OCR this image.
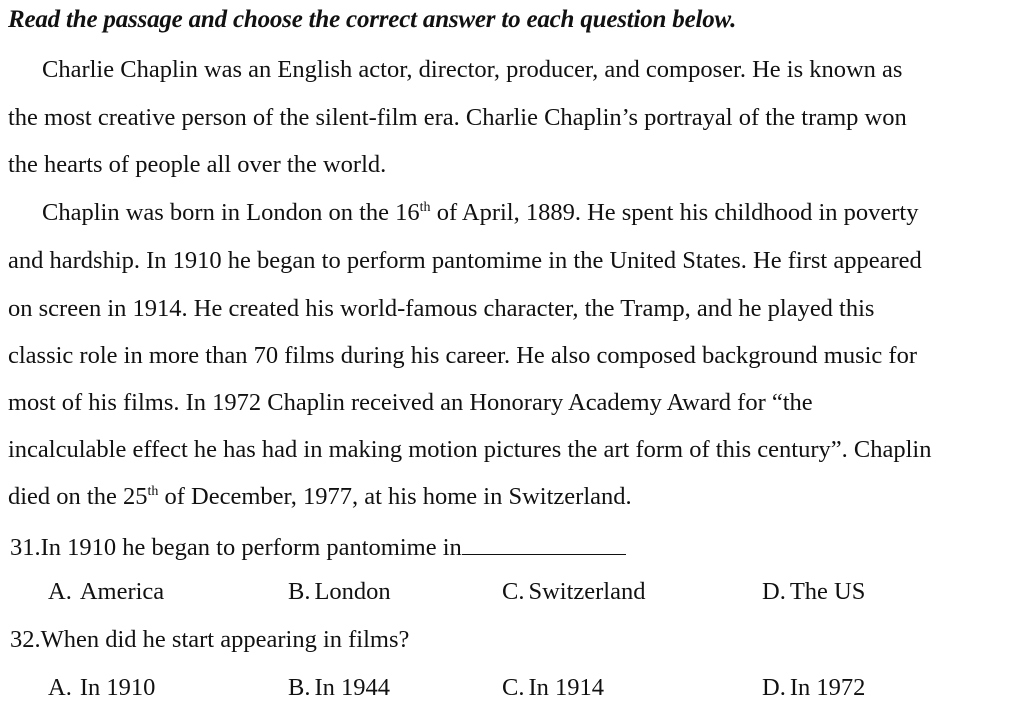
Read the passage and choose the correct answer to each question below.
Charlie Chaplin was an English actor, director, producer, and composer. He is known as
the most creative person of the silent-film era. Charlie Chaplin’s portrayal of the tramp won
the hearts of people all over the world.
Chaplin was born in London on the 16th of April, 1889. He spent his childhood in poverty
and hardship. In 1910 he began to perform pantomime in the United States. He first appeared
on screen in 1914. He created his world-famous character, the Tramp, and he played this
classic role in more than 70 films during his career. He also composed background music for
most of his films. In 1972 Chaplin received an Honorary Academy Award for “the
incalculable effect he has had in making motion pictures the art form of this century”. Chaplin
died on the 25th of December, 1977, at his home in Switzerland.
31.In 1910 he began to perform pantomime in
A. America	B. London	C. Switzerland	D. The US
32.When did he start appearing in films?
A. In 1910	B. In 1944	C. In 1914	D. In 1972
